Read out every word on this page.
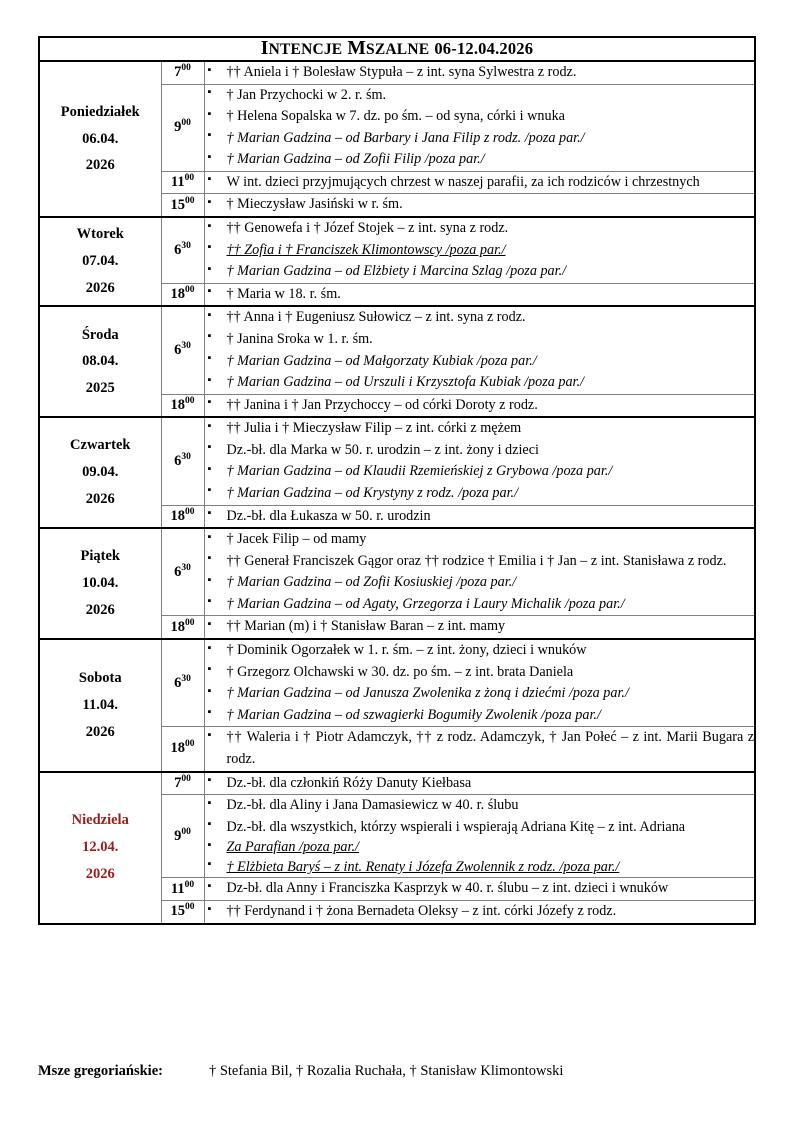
INTENCJE MSZALNE 06-12.04.2026		

Poniedziałek
06.04.
2026
	$7^{00}$	
▪†† Aniela i † Bolesław Stypuła – z int. syna Sylwestra z rodz.

$9^{00}$	
▪ † Jan Przychocki w 2. r. śm.
▪ † Helena Sopalska w 7. dz. po śm. – od syna, córki i wnuka
▪ † Marian Gadzina – od Barbary i Jana Filip z rodz. /poza par./
▪ † Marian Gadzina – od Zofii Filip /poza par./

$11^{00}$	
▪W int. dzieci przyjmujących chrzest w naszej parafii, za ich rodziców i chrzestnych

$15^{00}$	
▪† Mieczysław Jasiński w r. śm.

Wtorek
07.04.
2026
	$6^{30}$	
▪ †† Genowefa i † Józef Stojek – z int. syna z rodz.
▪ †† Zofia i † Franciszek Klimontowscy /poza par./
▪ † Marian Gadzina – od Elżbiety i Marcina Szlag /poza par./

$18^{00}$	
▪† Maria w 18. r. śm.

Środa
08.04.
2025
	$6^{30}$	
▪ †† Anna i † Eugeniusz Sułowicz – z int. syna z rodz.
▪ † Janina Sroka w 1. r. śm.
▪ † Marian Gadzina – od Małgorzaty Kubiak /poza par./
▪ † Marian Gadzina – od Urszuli i Krzysztofa Kubiak /poza par./

$18^{00}$	
▪†† Janina i † Jan Przychoccy – od córki Doroty z rodz.

Czwartek
09.04.
2026
	$6^{30}$	
▪ †† Julia i † Mieczysław Filip – z int. córki z mężem
▪ Dz.-bł. dla Marka w 50. r. urodzin – z int. żony i dzieci
▪ † Marian Gadzina – od Klaudii Rzemieńskiej z Grybowa /poza par./
▪ † Marian Gadzina – od Krystyny z rodz. /poza par./

$18^{00}$	
▪Dz.-bł. dla Łukasza w 50. r. urodzin

Piątek
10.04.
2026
	$6^{30}$	
▪ † Jacek Filip – od mamy
▪ †† Generał Franciszek Gągor oraz †† rodzice † Emilia i † Jan – z int. Stanisława z rodz.
▪ † Marian Gadzina – od Zofii Kosiuskiej /poza par./
▪ † Marian Gadzina – od Agaty, Grzegorza i Laury Michalik /poza par./

$18^{00}$	
▪†† Marian (m) i † Stanisław Baran – z int. mamy

Sobota
11.04.
2026
	$6^{30}$	
▪ † Dominik Ogorzałek w 1. r. śm. – z int. żony, dzieci i wnuków
▪ † Grzegorz Olchawski w 30. dz. po śm. – z int. brata Daniela
▪ † Marian Gadzina – od Janusza Zwolenika z żoną i dziećmi /poza par./
▪ † Marian Gadzina – od szwagierki Bogumiły Zwolenik /poza par./

$18^{00}$	
▪†† Waleria i † Piotr Adamczyk, †† z rodz. Adamczyk, † Jan Połeć – z int. Marii Bugara z rodz.

Niedziela
12.04.
2026
	$7^{00}$	
▪Dz.-bł. dla członkiń Róży Danuty Kiełbasa

$9^{00}$	
▪ Dz.-bł. dla Aliny i Jana Damasiewicz w 40. r. ślubu
▪ Dz.-bł. dla wszystkich, którzy wspierali i wspierają Adriana Kitę – z int. Adriana
▪ Za Parafian /poza par./
▪ † Elżbieta Baryś – z int. Renaty i Józefa Zwolennik z rodz. /poza par./

$11^{00}$	
▪Dz-bł. dla Anny i Franciszka Kasprzyk w 40. r. ślubu – z int. dzieci i wnuków

$15^{00}$	
▪†† Ferdynand i † żona Bernadeta Oleksy – z int. córki Józefy z rodz.
Msze gregoriańskie:	† Stefania Bil, † Rozalia Ruchała, † Stanisław Klimontowski
